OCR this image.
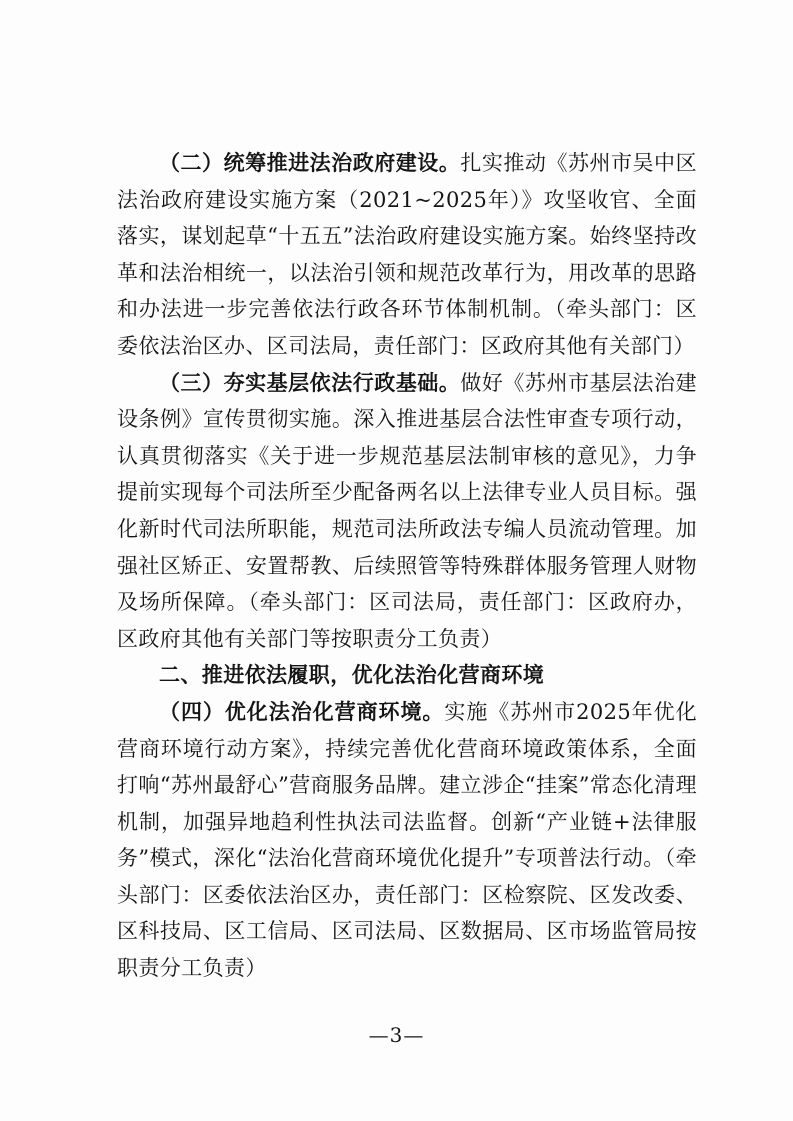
（二）统筹推进法治政府建设。扎实推动《苏州市吴中区法治政府建设实施方案（2021~2025年）》攻坚收官、全面落实，谋划起草“十五五”法治政府建设实施方案。始终坚持改革和法治相统一，以法治引领和规范改革行为，用改革的思路和办法进一步完善依法行政各环节体制机制。（牵头部门：区委依法治区办、区司法局，责任部门：区政府其他有关部门）

（三）夯实基层依法行政基础。做好《苏州市基层法治建设条例》宣传贯彻实施。深入推进基层合法性审查专项行动，认真贯彻落实《关于进一步规范基层法制审核的意见》，力争提前实现每个司法所至少配备两名以上法律专业人员目标。强化新时代司法所职能，规范司法所政法专编人员流动管理。加强社区矫正、安置帮教、后续照管等特殊群体服务管理人财物及场所保障。（牵头部门：区司法局，责任部门：区政府办，区政府其他有关部门等按职责分工负责）

二、推进依法履职，优化法治化营商环境

（四）优化法治化营商环境。实施《苏州市2025年优化营商环境行动方案》，持续完善优化营商环境政策体系，全面打响“苏州最舒心”营商服务品牌。建立涉企“挂案”常态化清理机制，加强异地趋利性执法司法监督。创新“产业链+法律服务”模式，深化“法治化营商环境优化提升”专项普法行动。（牵头部门：区委依法治区办，责任部门：区检察院、区发改委、区科技局、区工信局、区司法局、区数据局、区市场监管局按职责分工负责）

—3—
